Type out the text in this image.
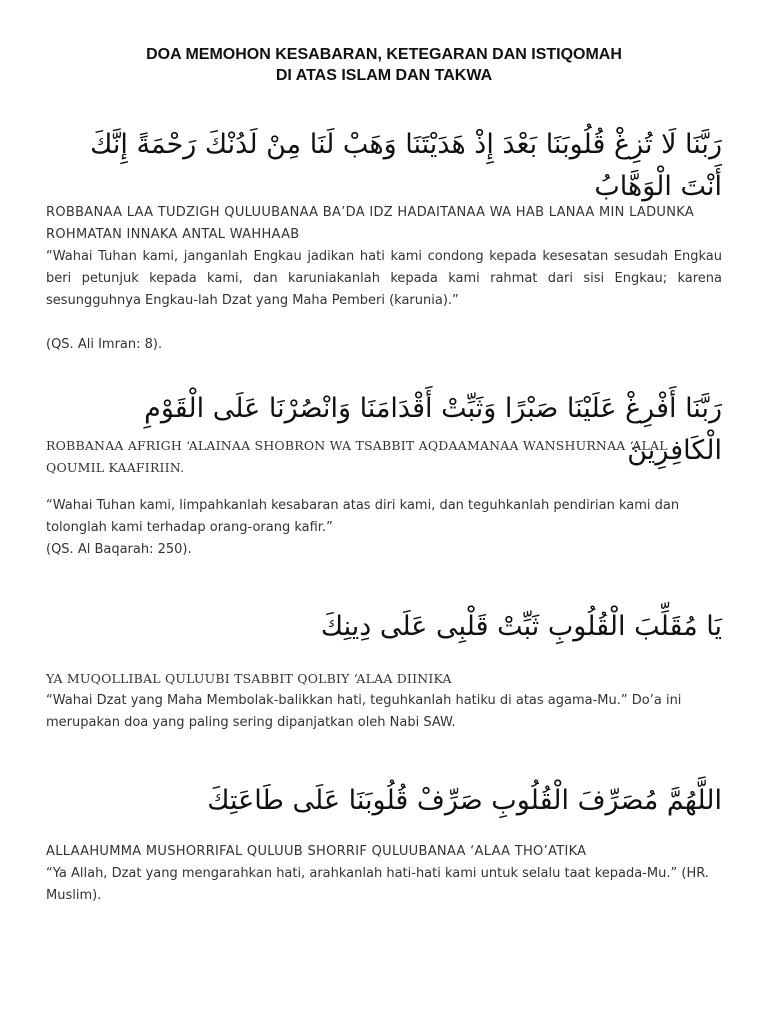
DOA MEMOHON KESABARAN, KETEGARAN DAN ISTIQOMAH
DI ATAS ISLAM DAN TAKWA
رَبَّنَا لَا تُزِغْ قُلُوبَنَا بَعْدَ إِذْ هَدَيْتَنَا وَهَبْ لَنَا مِنْ لَدُنْكَ رَحْمَةً إِنَّكَ أَنْتَ الْوَهَّابُ
ROBBANAA LAA TUDZIGH QULUUBANAA BA’DA IDZ HADAITANAA WA HAB LANAA MIN LADUNKA ROHMATAN INNAKA ANTAL WAHHAAB
“Wahai Tuhan kami, janganlah Engkau jadikan hati kami condong kepada kesesatan sesudah Engkau beri petunjuk kepada kami, dan karuniakanlah kepada kami rahmat dari sisi Engkau; karena sesungguhnya Engkau-lah Dzat yang Maha Pemberi (karunia).”
(QS. Ali Imran: 8).
رَبَّنَا أَفْرِغْ عَلَيْنَا صَبْرًا وَثَبِّتْ أَقْدَامَنَا وَانْصُرْنَا عَلَى الْقَوْمِ الْكَافِرِينَ
ROBBANAA AFRIGH ‘ALAINAA SHOBRON WA TSABBIT AQDAAMANAA WANSHURNAA ‘ALAL QOUMIL KAAFIRIIN.
“Wahai Tuhan kami, limpahkanlah kesabaran atas diri kami, dan teguhkanlah pendirian kami dan tolonglah kami terhadap orang-orang kafir.”
(QS. Al Baqarah: 250).
يَا مُقَلِّبَ الْقُلُوبِ ثَبِّتْ قَلْبِى عَلَى دِينِكَ
YA MUQOLLIBAL QULUUBI TSABBIT QOLBIY ‘ALAA DIINIKA
“Wahai Dzat yang Maha Membolak-balikkan hati, teguhkanlah hatiku di atas agama-Mu.” Do’a ini merupakan doa yang paling sering dipanjatkan oleh Nabi SAW.
اللَّهُمَّ مُصَرِّفَ الْقُلُوبِ صَرِّفْ قُلُوبَنَا عَلَى طَاعَتِكَ
ALLAAHUMMA MUSHORRIFAL QULUUB SHORRIF QULUUBANAA ‘ALAA THO’ATIKA
“Ya Allah, Dzat yang mengarahkan hati, arahkanlah hati-hati kami untuk selalu taat kepada-Mu.” (HR. Muslim).
